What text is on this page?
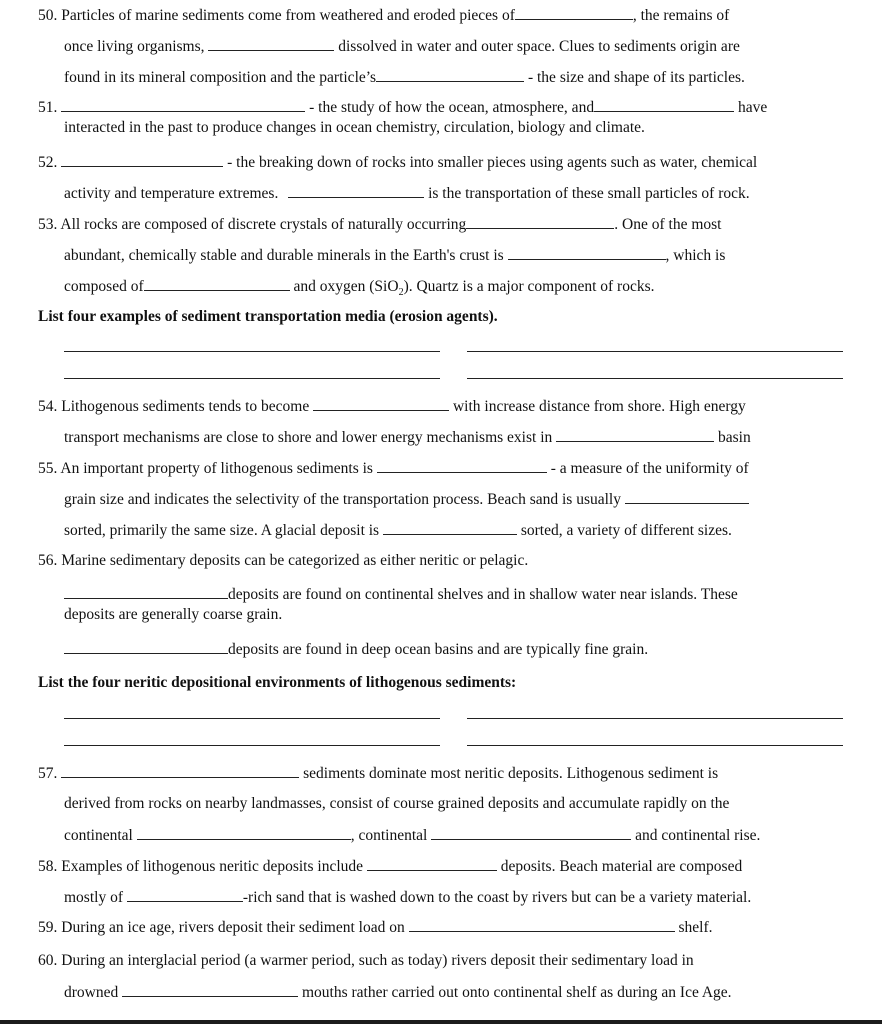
50. Particles of marine sediments come from weathered and eroded pieces of	, the remains of
once living organisms,	dissolved in water and outer space. Clues to sediments origin are
found in its mineral composition and the particle’s	- the size and shape of its particles.
51.	- the study of how the ocean, atmosphere, and	have
interacted in the past to produce changes in ocean chemistry, circulation, biology and climate.
52.	- the breaking down of rocks into smaller pieces using agents such as water, chemical
activity and temperature extremes.	is the transportation of these small particles of rock.
53. All rocks are composed of discrete crystals of naturally occurring	. One of the most
abundant, chemically stable and durable minerals in the Earth's crust is	, which is
composed of	and oxygen (SiO$_2$). Quartz is a major component of rocks.
List four examples of sediment transportation media (erosion agents).
54. Lithogenous sediments tends to become	with increase distance from shore. High energy
transport mechanisms are close to shore and lower energy mechanisms exist in	basin
55. An important property of lithogenous sediments is	- a measure of the uniformity of
grain size and indicates the selectivity of the transportation process. Beach sand is usually
sorted, primarily the same size. A glacial deposit is	sorted, a variety of different sizes.
56. Marine sedimentary deposits can be categorized as either neritic or pelagic.
deposits are found on continental shelves and in shallow water near islands. These
deposits are generally coarse grain.
deposits are found in deep ocean basins and are typically fine grain.
List the four neritic depositional environments of lithogenous sediments:
57.	sediments dominate most neritic deposits. Lithogenous sediment is
derived from rocks on nearby landmasses, consist of course grained deposits and accumulate rapidly on the
continental	, continental	and continental rise.
58. Examples of lithogenous neritic deposits include	deposits. Beach material are composed
mostly of	-rich sand that is washed down to the coast by rivers but can be a variety material.
59. During an ice age, rivers deposit their sediment load on	shelf.
60. During an interglacial period (a warmer period, such as today) rivers deposit their sedimentary load in
drowned	mouths rather carried out onto continental shelf as during an Ice Age.
